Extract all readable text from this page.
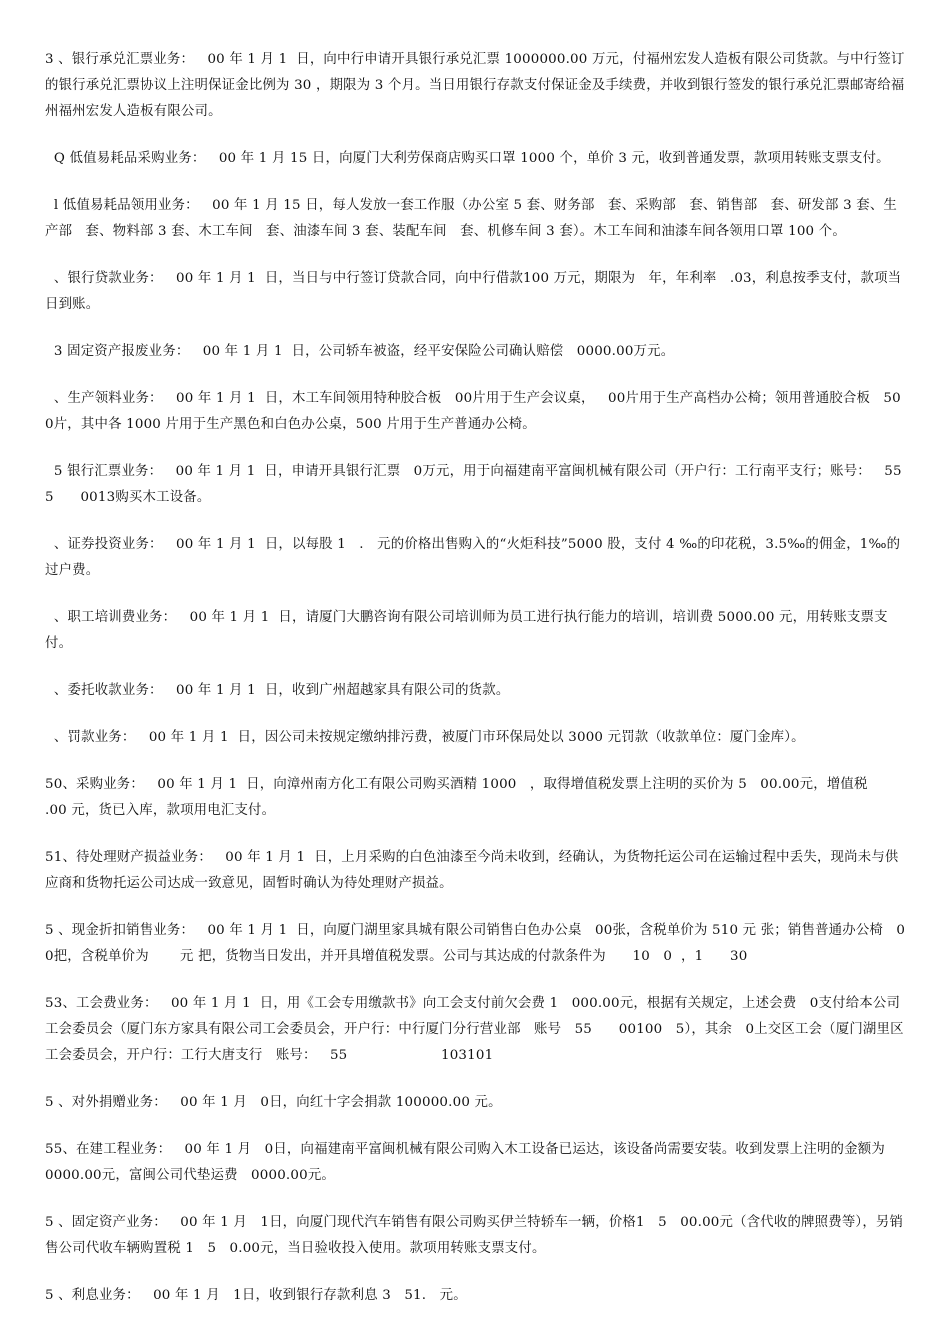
3 、银行承兑汇票业务：   00 年 1 月 1  日，向中行申请开具银行承兑汇票 1000000.00 万元，付福州宏发人造板有限公司货款。与中行签订的银行承兑汇票协议上注明保证金比例为 30 ，期限为 3 个月。当日用银行存款支付保证金及手续费，并收到银行签发的银行承兑汇票邮寄给福州福州宏发人造板有限公司。

Q 低值易耗品采购业务：   00 年 1 月 15 日，向厦门大利劳保商店购买口罩 1000 个，单价 3 元，收到普通发票，款项用转账支票支付。

l 低值易耗品领用业务：   00 年 1 月 15 日，每人发放一套工作服（办公室 5 套、财务部   套、采购部   套、销售部   套、研发部 3 套、生产部   套、物料部 3 套、木工车间   套、油漆车间 3 套、装配车间   套、机修车间 3 套）。木工车间和油漆车间各领用口罩 100 个。

、银行贷款业务：   00 年 1 月 1  日，当日与中行签订贷款合同，向中行借款100 万元，期限为   年，年利率   .03，利息按季支付，款项当日到账。

3 固定资产报废业务：   00 年 1 月 1  日，公司轿车被盗，经平安保险公司确认赔偿   0000.00万元。

、生产领料业务：   00 年 1 月 1  日，木工车间领用特种胶合板   00片用于生产会议桌，   00片用于生产高档办公椅；领用普通胶合板   500片，其中各 1000 片用于生产黑色和白色办公桌，500 片用于生产普通办公椅。

5 银行汇票业务：   00 年 1 月 1  日，申请开具银行汇票   0万元，用于向福建南平富闽机械有限公司（开户行：工行南平支行；账号：   55      5      0013购买木工设备。

、证券投资业务：   00 年 1 月 1  日，以每股 1   .   元的价格出售购入的“火炬科技”5000 股，支付 4 ‰的印花税，3.5‰的佣金，1‰的过户费。

、职工培训费业务：   00 年 1 月 1  日，请厦门大鹏咨询有限公司培训师为员工进行执行能力的培训，培训费 5000.00 元，用转账支票支付。

、委托收款业务：   00 年 1 月 1  日，收到广州超越家具有限公司的货款。

、罚款业务：   00 年 1 月 1  日，因公司未按规定缴纳排污费，被厦门市环保局处以 3000 元罚款（收款单位：厦门金库）。

50、采购业务：   00 年 1 月 1  日，向漳州南方化工有限公司购买酒精 1000   ，取得增值税发票上注明的买价为 5   00.00元，增值税          .00 元，货已入库，款项用电汇支付。

51、待处理财产损益业务：   00 年 1 月 1  日，上月采购的白色油漆至今尚未收到，经确认，为货物托运公司在运输过程中丢失，现尚未与供应商和货物托运公司达成一致意见，固暂时确认为待处理财产损益。

5 、现金折扣销售业务：   00 年 1 月 1  日，向厦门湖里家具城有限公司销售白色办公桌   00张，含税单价为 510 元 张；销售普通办公椅   00把，含税单价为       元 把，货物当日发出，并开具增值税发票。公司与其达成的付款条件为      10   0  ，1      30

53、工会费业务：   00 年 1 月 1  日，用《工会专用缴款书》向工会支付前欠会费 1   000.00元，根据有关规定，上述会费   0支付给本公司工会委员会（厦门东方家具有限公司工会委员会，开户行：中行厦门分行营业部   账号   55      00100   5），其余   0上交区工会（厦门湖里区工会委员会，开户行：工行大唐支行   账号：   55                     103101

5 、对外捐赠业务：   00 年 1 月   0日，向红十字会捐款 100000.00 元。

55、在建工程业务：   00 年 1 月   0日，向福建南平富闽机械有限公司购入木工设备已运达，该设备尚需要安装。收到发票上注明的金额为     0000.00元，富闽公司代垫运费   0000.00元。

5 、固定资产业务：   00 年 1 月   1日，向厦门现代汽车销售有限公司购买伊兰特轿车一辆，价格1   5   00.00元（含代收的牌照费等），另销售公司代收车辆购置税 1   5   0.00元，当日验收投入使用。款项用转账支票支付。

5 、利息业务：   00 年 1 月   1日，收到银行存款利息 3   51.   元。
